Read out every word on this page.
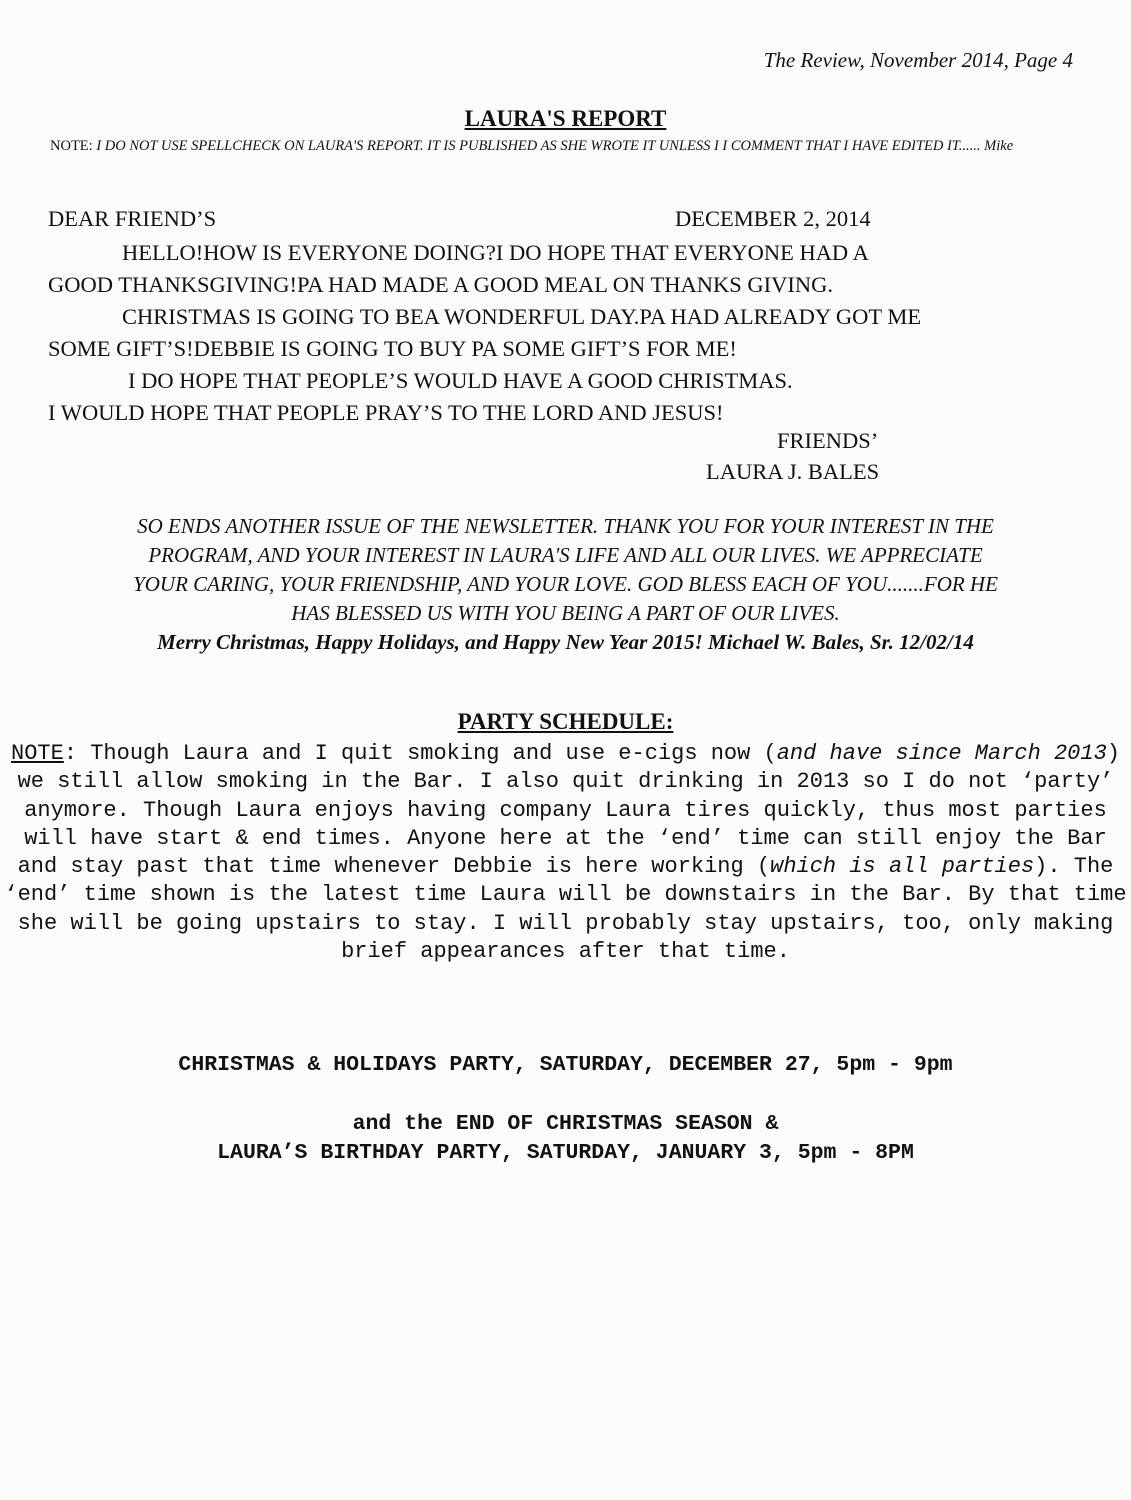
The Review, November 2014, Page 4
LAURA'S REPORT
NOTE: I DO NOT USE SPELLCHECK ON LAURA'S REPORT. IT IS PUBLISHED AS SHE WROTE IT UNLESS I I COMMENT THAT I HAVE EDITED IT...... Mike
DEAR FRIEND’S	DECEMBER 2, 2014
HELLO!HOW IS EVERYONE DOING?I DO HOPE THAT EVERYONE HAD A
GOOD THANKSGIVING!PA HAD MADE A GOOD MEAL ON THANKS GIVING.
CHRISTMAS IS GOING TO BEA WONDERFUL DAY.PA HAD ALREADY GOT ME
SOME GIFT’S!DEBBIE IS GOING TO BUY PA SOME GIFT’S FOR ME!
I DO HOPE THAT PEOPLE’S WOULD HAVE A GOOD CHRISTMAS.
I WOULD HOPE THAT PEOPLE PRAY’S TO THE LORD AND JESUS!
FRIENDS’
LAURA J. BALES
SO ENDS ANOTHER ISSUE OF THE NEWSLETTER. THANK YOU FOR YOUR INTEREST IN THE
PROGRAM, AND YOUR INTEREST IN LAURA'S LIFE AND ALL OUR LIVES. WE APPRECIATE
YOUR CARING, YOUR FRIENDSHIP, AND YOUR LOVE. GOD BLESS EACH OF YOU.......FOR HE
HAS BLESSED US WITH YOU BEING A PART OF OUR LIVES.
Merry Christmas, Happy Holidays, and Happy New Year 2015! Michael W. Bales, Sr. 12/02/14
PARTY SCHEDULE:
NOTE: Though Laura and I quit smoking and use e-cigs now (and have since March 2013) we still allow smoking in the Bar. I also quit drinking in 2013 so I do not ‘party’ anymore. Though Laura enjoys having company Laura tires quickly, thus most parties will have start & end times. Anyone here at the ‘end’ time can still enjoy the Bar and stay past that time whenever Debbie is here working (which is all parties). The ‘end’ time shown is the latest time Laura will be downstairs in the Bar. By that time she will be going upstairs to stay. I will probably stay upstairs, too, only making brief appearances after that time.
CHRISTMAS & HOLIDAYS PARTY, SATURDAY, DECEMBER 27, 5pm - 9pm
and the END OF CHRISTMAS SEASON &
LAURA’S BIRTHDAY PARTY, SATURDAY, JANUARY 3, 5pm - 8PM
